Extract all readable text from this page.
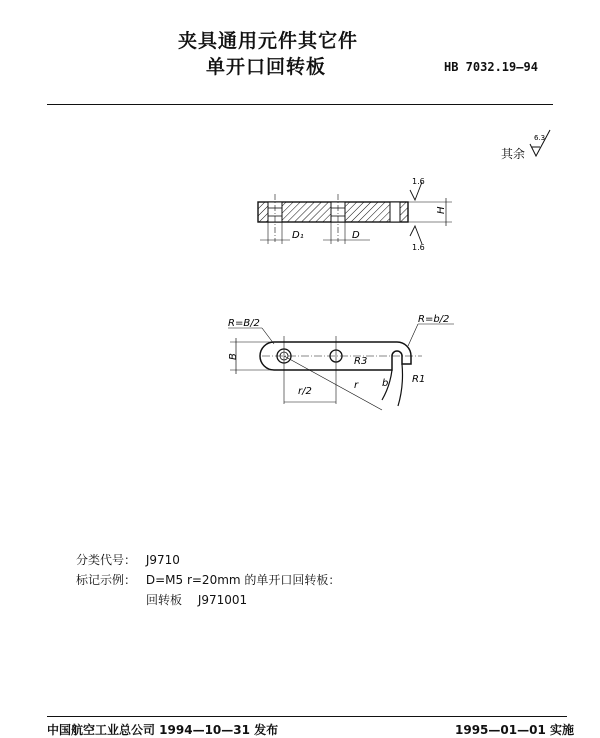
夹具通用元件其它件
单开口回转板	HB 7032.19—94
其余
6.3
D₁	D
H
1.6
1.6
B
R=B/2	R=b/2
R3
R1
b
r/2
r
分类代号： J9710
标记示例： D=M5 r=20mm 的单开口回转板：
回转板 J971001
中国航空工业总公司 1994—10—31 发布	1995—01—01 实施
